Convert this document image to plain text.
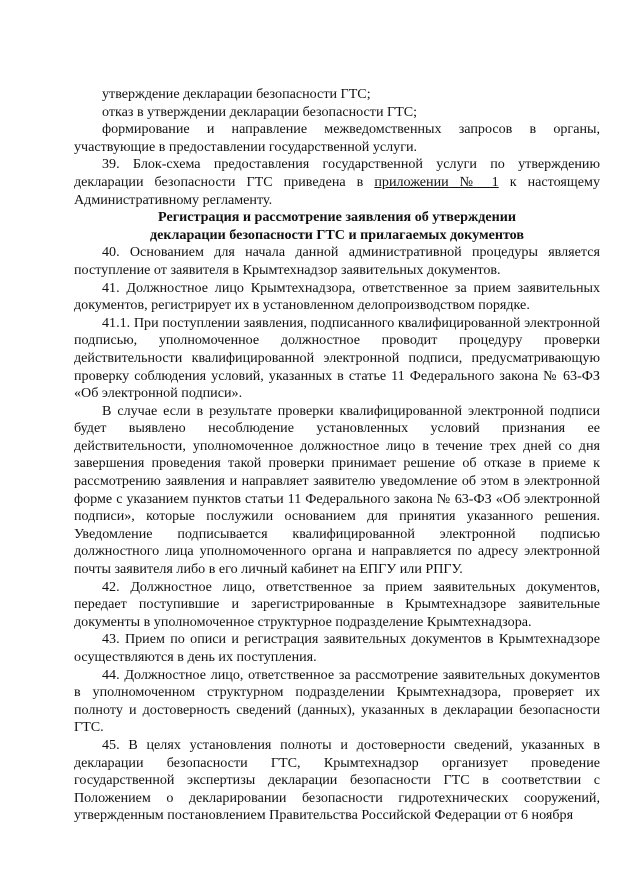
утверждение декларации безопасности ГТС;

отказ в утверждении декларации безопасности ГТС;

формирование и направление межведомственных запросов в органы, участвующие в предоставлении государственной услуги.

39. Блок-схема предоставления государственной услуги по утверждению декларации безопасности ГТС приведена в приложении № 1 к настоящему Административному регламенту.

Регистрация и рассмотрение заявления об утверждении
декларации безопасности ГТС и прилагаемых документов

40. Основанием для начала данной административной процедуры является поступление от заявителя в Крымтехнадзор заявительных документов.

41. Должностное лицо Крымтехнадзора, ответственное за прием заявительных документов, регистрирует их в установленном делопроизводством порядке.

41.1. При поступлении заявления, подписанного квалифицированной электронной подписью, уполномоченное должностное проводит процедуру проверки действительности квалифицированной электронной подписи, предусматривающую проверку соблюдения условий, указанных в статье 11 Федерального закона № 63-ФЗ «Об электронной подписи».

В случае если в результате проверки квалифицированной электронной подписи будет выявлено несоблюдение установленных условий признания ее действительности, уполномоченное должностное лицо в течение трех дней со дня завершения проведения такой проверки принимает решение об отказе в приеме к рассмотрению заявления и направляет заявителю уведомление об этом в электронной форме с указанием пунктов статьи 11 Федерального закона № 63-ФЗ «Об электронной подписи», которые послужили основанием для принятия указанного решения. Уведомление подписывается квалифицированной электронной подписью должностного лица уполномоченного органа и направляется по адресу электронной почты заявителя либо в его личный кабинет на ЕПГУ или РПГУ.

42. Должностное лицо, ответственное за прием заявительных документов, передает поступившие и зарегистрированные в Крымтехнадзоре заявительные документы в уполномоченное структурное подразделение Крымтехнадзора.

43. Прием по описи и регистрация заявительных документов в Крымтехнадзоре осуществляются в день их поступления.

44. Должностное лицо, ответственное за рассмотрение заявительных документов в уполномоченном структурном подразделении Крымтехнадзора, проверяет их полноту и достоверность сведений (данных), указанных в декларации безопасности ГТС.

45. В целях установления полноты и достоверности сведений, указанных в декларации безопасности ГТС, Крымтехнадзор организует проведение государственной экспертизы декларации безопасности ГТС в соответствии с Положением о декларировании безопасности гидротехнических сооружений, утвержденным постановлением Правительства Российской Федерации от 6 ноября
